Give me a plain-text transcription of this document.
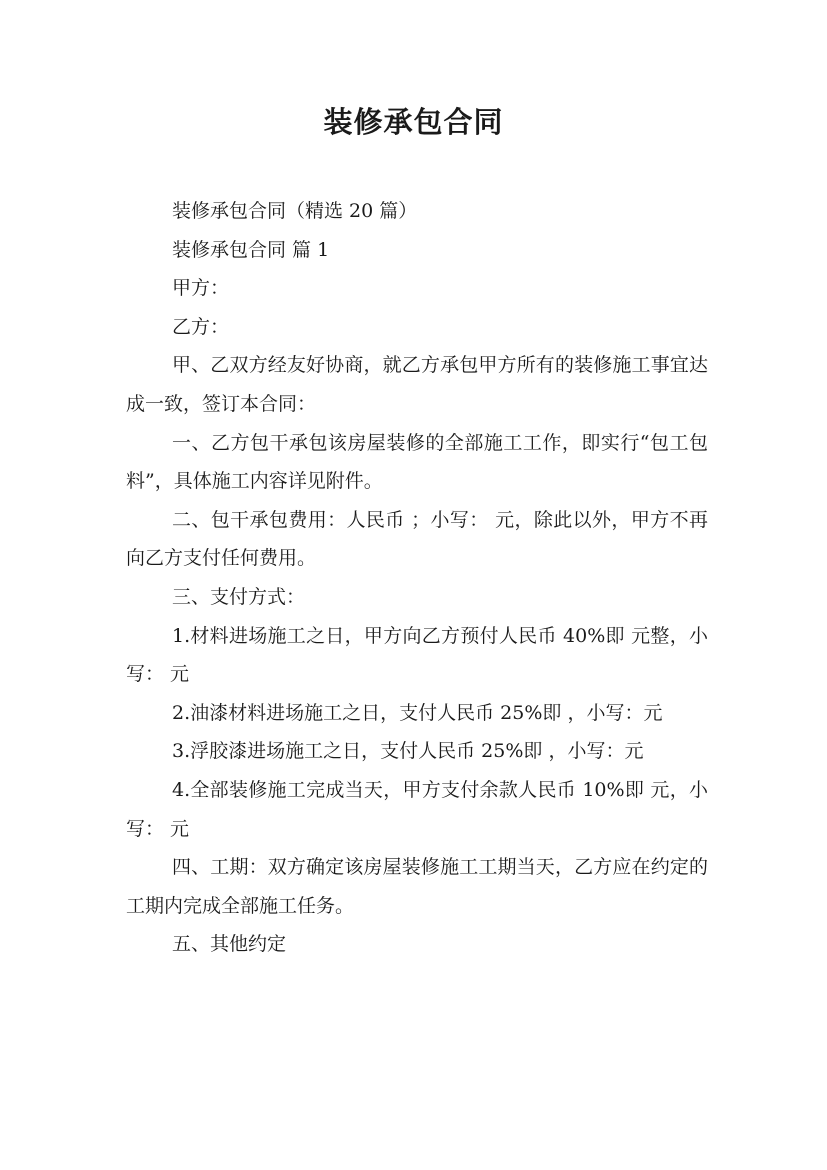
装修承包合同

装修承包合同（精选 20 篇）

装修承包合同 篇 1

甲方：

乙方：

甲、乙双方经友好协商，就乙方承包甲方所有的装修施工事宜达成一致，签订本合同：

一、乙方包干承包该房屋装修的全部施工工作，即实行“包工包料”，具体施工内容详见附件。

二、包干承包费用：人民币 ；小写： 元，除此以外，甲方不再向乙方支付任何费用。

三、支付方式：

1.材料进场施工之日，甲方向乙方预付人民币 40%即 元整，小写： 元

2.油漆材料进场施工之日，支付人民币 25%即 ，小写：元

3.浮胶漆进场施工之日，支付人民币 25%即 ，小写：元

4.全部装修施工完成当天，甲方支付余款人民币 10%即 元，小写： 元

四、工期：双方确定该房屋装修施工工期当天，乙方应在约定的工期内完成全部施工任务。

五、其他约定
